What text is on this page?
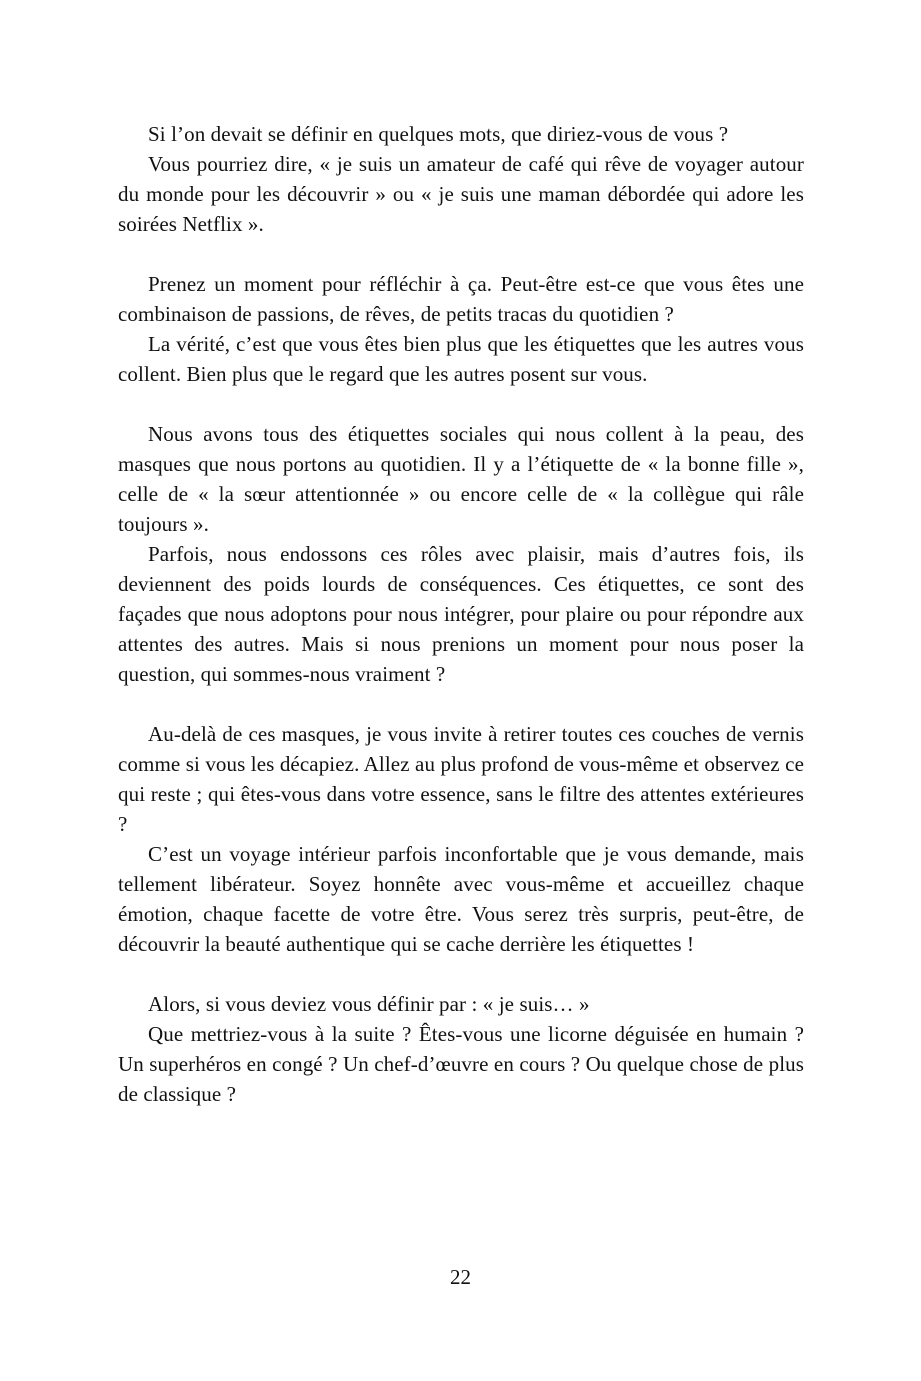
Si l’on devait se définir en quelques mots, que diriez-vous de vous ?

Vous pourriez dire, « je suis un amateur de café qui rêve de voyager autour du monde pour les découvrir » ou « je suis une maman débordée qui adore les soirées Netflix ».

Prenez un moment pour réfléchir à ça. Peut-être est-ce que vous êtes une combinaison de passions, de rêves, de petits tracas du quotidien ?

La vérité, c’est que vous êtes bien plus que les étiquettes que les autres vous collent. Bien plus que le regard que les autres posent sur vous.

Nous avons tous des étiquettes sociales qui nous collent à la peau, des masques que nous portons au quotidien. Il y a l’étiquette de « la bonne fille », celle de « la sœur attentionnée » ou encore celle de « la collègue qui râle toujours ».

Parfois, nous endossons ces rôles avec plaisir, mais d’autres fois, ils deviennent des poids lourds de conséquences. Ces étiquettes, ce sont des façades que nous adoptons pour nous intégrer, pour plaire ou pour répondre aux attentes des autres. Mais si nous prenions un moment pour nous poser la question, qui sommes-nous vraiment ?

Au-delà de ces masques, je vous invite à retirer toutes ces couches de vernis comme si vous les décapiez. Allez au plus profond de vous-même et observez ce qui reste ; qui êtes-vous dans votre essence, sans le filtre des attentes extérieures ?

C’est un voyage intérieur parfois inconfortable que je vous demande, mais tellement libérateur. Soyez honnête avec vous-même et accueillez chaque émotion, chaque facette de votre être. Vous serez très surpris, peut-être, de découvrir la beauté authentique qui se cache derrière les étiquettes !

Alors, si vous deviez vous définir par : « je suis… »

Que mettriez-vous à la suite ? Êtes-vous une licorne déguisée en humain ? Un superhéros en congé ? Un chef-d’œuvre en cours ? Ou quelque chose de plus de classique ?

22
